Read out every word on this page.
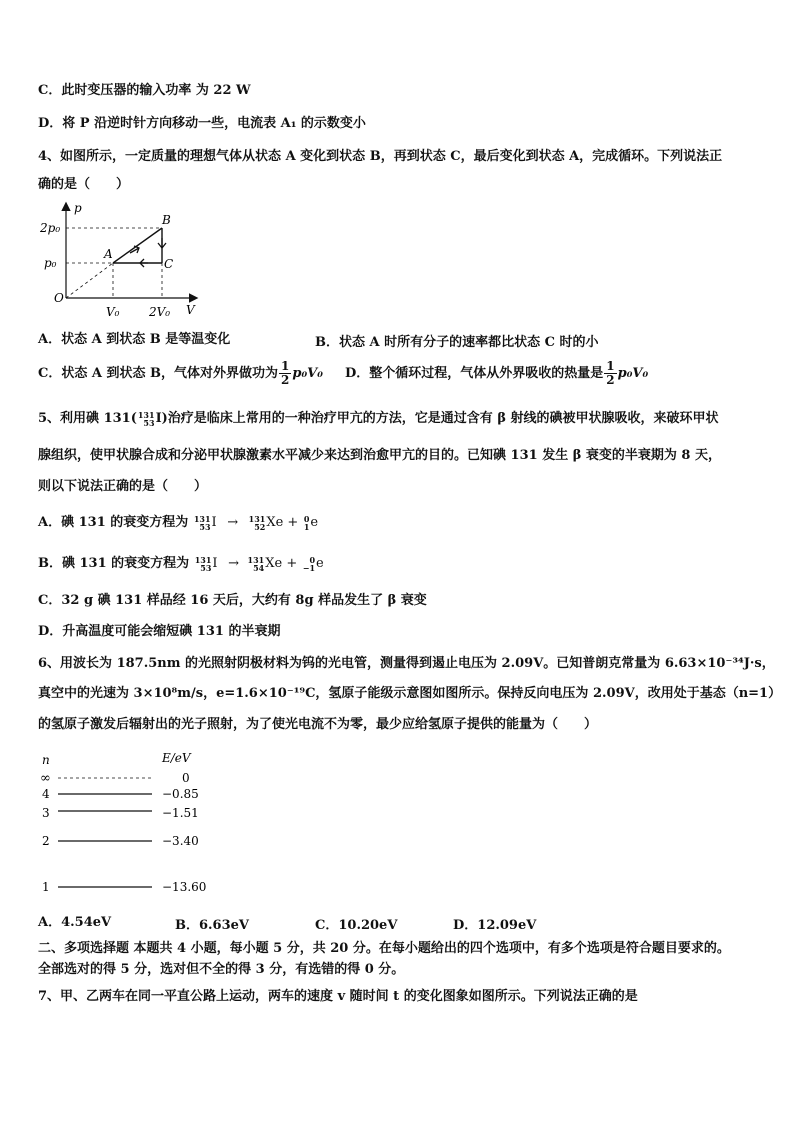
C．此时变压器的输入功率 为 22 W
D．将 P 沿逆时针方向移动一些，电流表 A₁ 的示数变小
4、如图所示，一定质量的理想气体从状态 A 变化到状态 B，再到状态 C，最后变化到状态 A，完成循环。下列说法正
确的是（　　）
p
V
O
2p₀
p₀
V₀ 2V₀
A
B
C
A．状态 A 到状态 B 是等温变化	B．状态 A 时所有分子的速率都比状态 C 时的小
C．状态 A 到状态 B，气体对外界做功为 $\frac{1}{2} p_0V_0$ D．整个循环过程，气体从外界吸收的热量是 $\frac{1}{2} p_0V_0$
5、利用碘 131( 131
53 I)治疗是临床上常用的一种治疗甲亢的方法，它是通过含有 β 射线的碘被甲状腺吸收，来破环甲状
腺组织，使甲状腺合成和分泌甲状腺激素水平减少来达到治愈甲亢的目的。已知碘 131 发生 β 衰变的半衰期为 8 天，
则以下说法正确的是（　　）
A．碘 131 的衰变方程为 131
53 I → 131
52 Xe + 0
1 e
B．碘 131 的衰变方程为 131
53 I → 131
54 Xe +	0
−1 e
C．32 g 碘 131 样品经 16 天后，大约有 8g 样品发生了 β 衰变
D．升高温度可能会缩短碘 131 的半衰期
6、用波长为 187.5nm 的光照射阴极材料为钨的光电管，测量得到遏止电压为 2.09V。已知普朗克常量为 6.63×10⁻³⁴J·s，
真空中的光速为 3×10⁸m/s，e=1.6×10⁻¹⁹C，氢原子能级示意图如图所示。保持反向电压为 2.09V，改用处于基态（n=1）
的氢原子激发后辐射出的光子照射，为了使光电流不为零，最少应给氢原子提供的能量为（　　）
n	E/eV
∞	0
4	−0.85
3	−1.51
2	−3.40
1	−13.60
A．4.54eV	B．6.63eV	C．10.20eV	D．12.09eV
二、多项选择题 本题共 4 小题，每小题 5 分，共 20 分。在每小题给出的四个选项中，有多个选项是符合题目要求的。
全部选对的得 5 分，选对但不全的得 3 分，有选错的得 0 分。
7、甲、乙两车在同一平直公路上运动，两车的速度 v 随时间 t 的变化图象如图所示。下列说法正确的是
